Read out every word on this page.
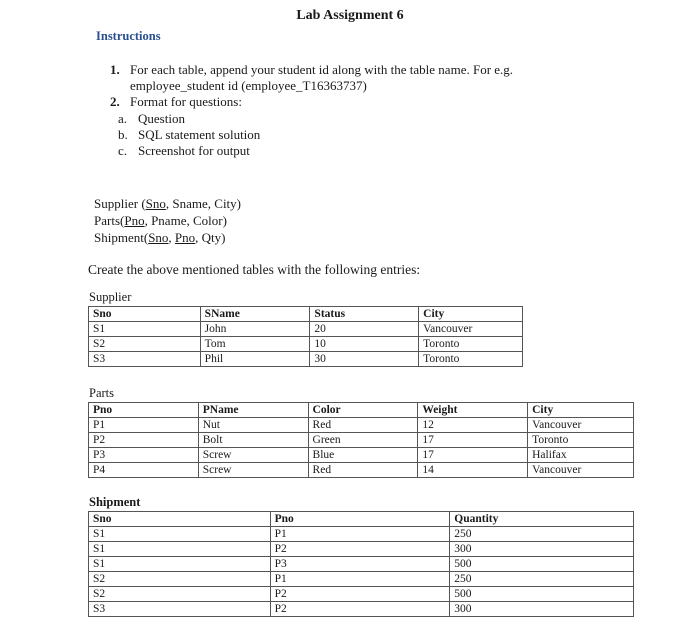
Lab Assignment 6
Instructions
1. For each table, append your student id along with the table name. For e.g.
employee_student id (employee_T16363737)
2. Format for questions:
a. Question
b. SQL statement solution
c. Screenshot for output
Supplier (Sno, Sname, City)
Parts(Pno, Pname, Color)
Shipment(Sno, Pno, Qty)
Create the above mentioned tables with the following entries:
Supplier
Sno	SName	Status	City
S1	John	20	Vancouver
S2	Tom	10	Toronto
S3	Phil	30	Toronto
Parts
Pno	PName	Color	Weight	City
P1	Nut	Red	12	Vancouver
P2	Bolt	Green	17	Toronto
P3	Screw	Blue	17	Halifax
P4	Screw	Red	14	Vancouver
Shipment
Sno	Pno	Quantity
S1	P1	250
S1	P2	300
S1	P3	500
S2	P1	250
S2	P2	500
S3	P2	300
